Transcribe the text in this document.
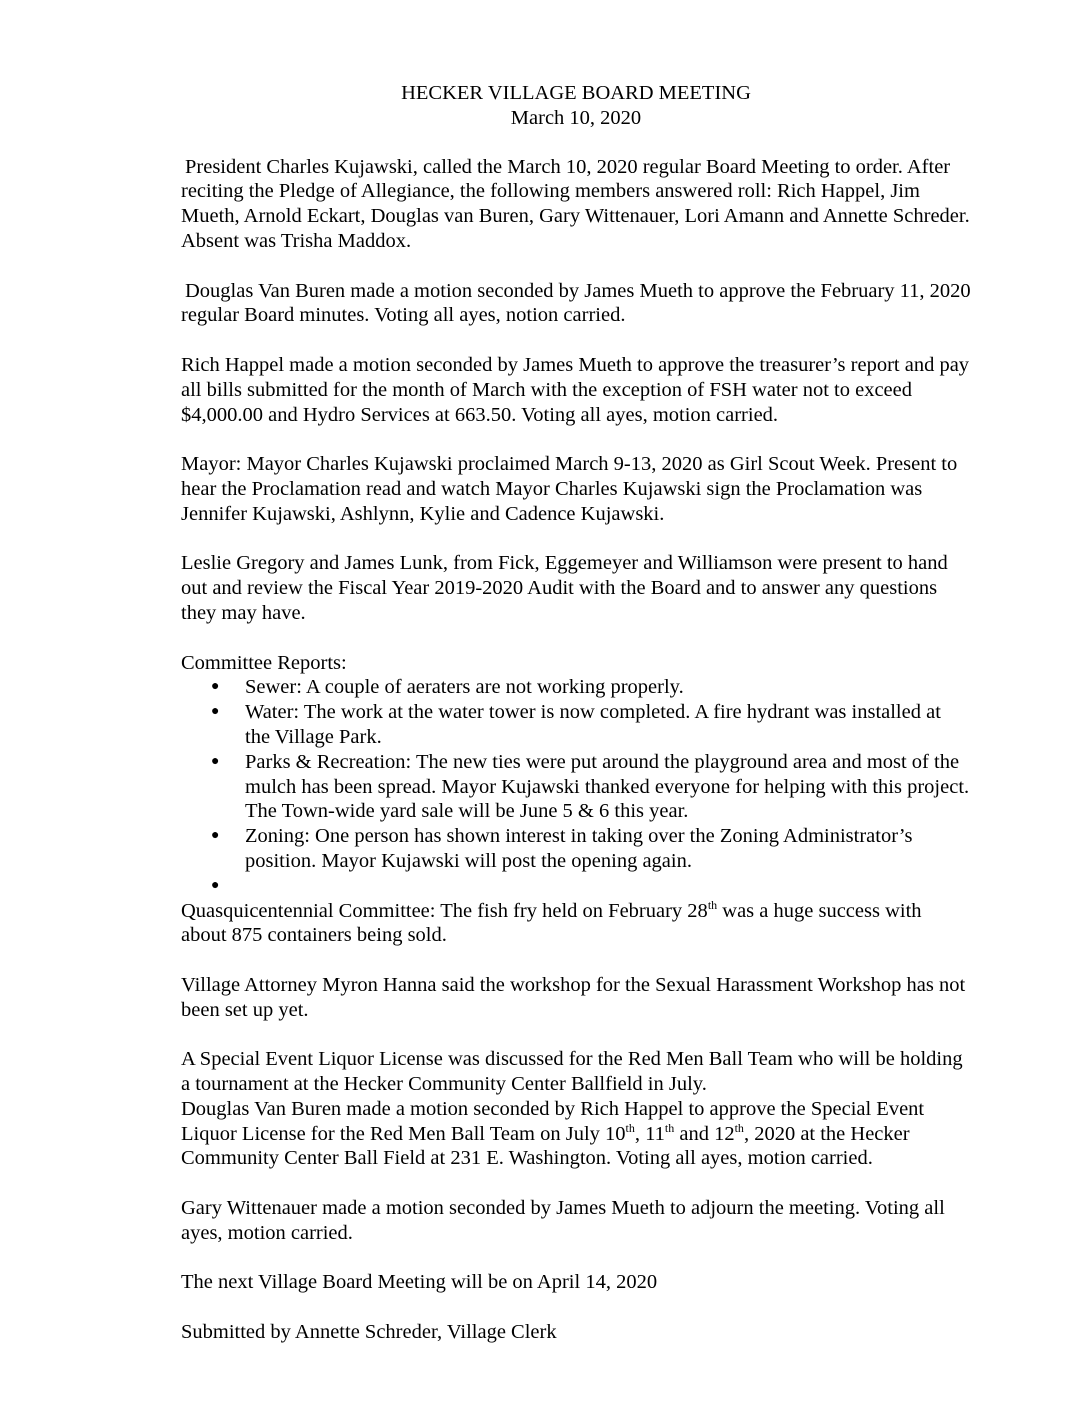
HECKER VILLAGE BOARD MEETING
March 10, 2020

President Charles Kujawski, called the March 10, 2020 regular Board Meeting to order. After reciting the Pledge of Allegiance, the following members answered roll: Rich Happel, Jim Mueth, Arnold Eckart, Douglas van Buren, Gary Wittenauer, Lori Amann and Annette Schreder. Absent was Trisha Maddox.

Douglas Van Buren made a motion seconded by James Mueth to approve the February 11, 2020 regular Board minutes. Voting all ayes, notion carried.

Rich Happel made a motion seconded by James Mueth to approve the treasurer’s report and pay all bills submitted for the month of March with the exception of FSH water not to exceed $4,000.00 and Hydro Services at 663.50. Voting all ayes, motion carried.

Mayor: Mayor Charles Kujawski proclaimed March 9-13, 2020 as Girl Scout Week. Present to hear the Proclamation read and watch Mayor Charles Kujawski sign the Proclamation was Jennifer Kujawski, Ashlynn, Kylie and Cadence Kujawski.

Leslie Gregory and James Lunk, from Fick, Eggemeyer and Williamson were present to hand out and review the Fiscal Year 2019-2020 Audit with the Board and to answer any questions they may have.

Committee Reports:
● Sewer: A couple of aeraters are not working properly.
● Water: The work at the water tower is now completed. A fire hydrant was installed at the Village Park.
● Parks & Recreation: The new ties were put around the playground area and most of the mulch has been spread. Mayor Kujawski thanked everyone for helping with this project. The Town-wide yard sale will be June 5 & 6 this year.
● Zoning: One person has shown interest in taking over the Zoning Administrator’s position. Mayor Kujawski will post the opening again.
●

Quasquicentennial Committee: The fish fry held on February 28th was a huge success with about 875 containers being sold.

Village Attorney Myron Hanna said the workshop for the Sexual Harassment Workshop has not been set up yet.

A Special Event Liquor License was discussed for the Red Men Ball Team who will be holding a tournament at the Hecker Community Center Ballfield in July.

Douglas Van Buren made a motion seconded by Rich Happel to approve the Special Event Liquor License for the Red Men Ball Team on July 10th, 11th and 12th, 2020 at the Hecker Community Center Ball Field at 231 E. Washington. Voting all ayes, motion carried.

Gary Wittenauer made a motion seconded by James Mueth to adjourn the meeting. Voting all ayes, motion carried.

The next Village Board Meeting will be on April 14, 2020

Submitted by Annette Schreder, Village Clerk
